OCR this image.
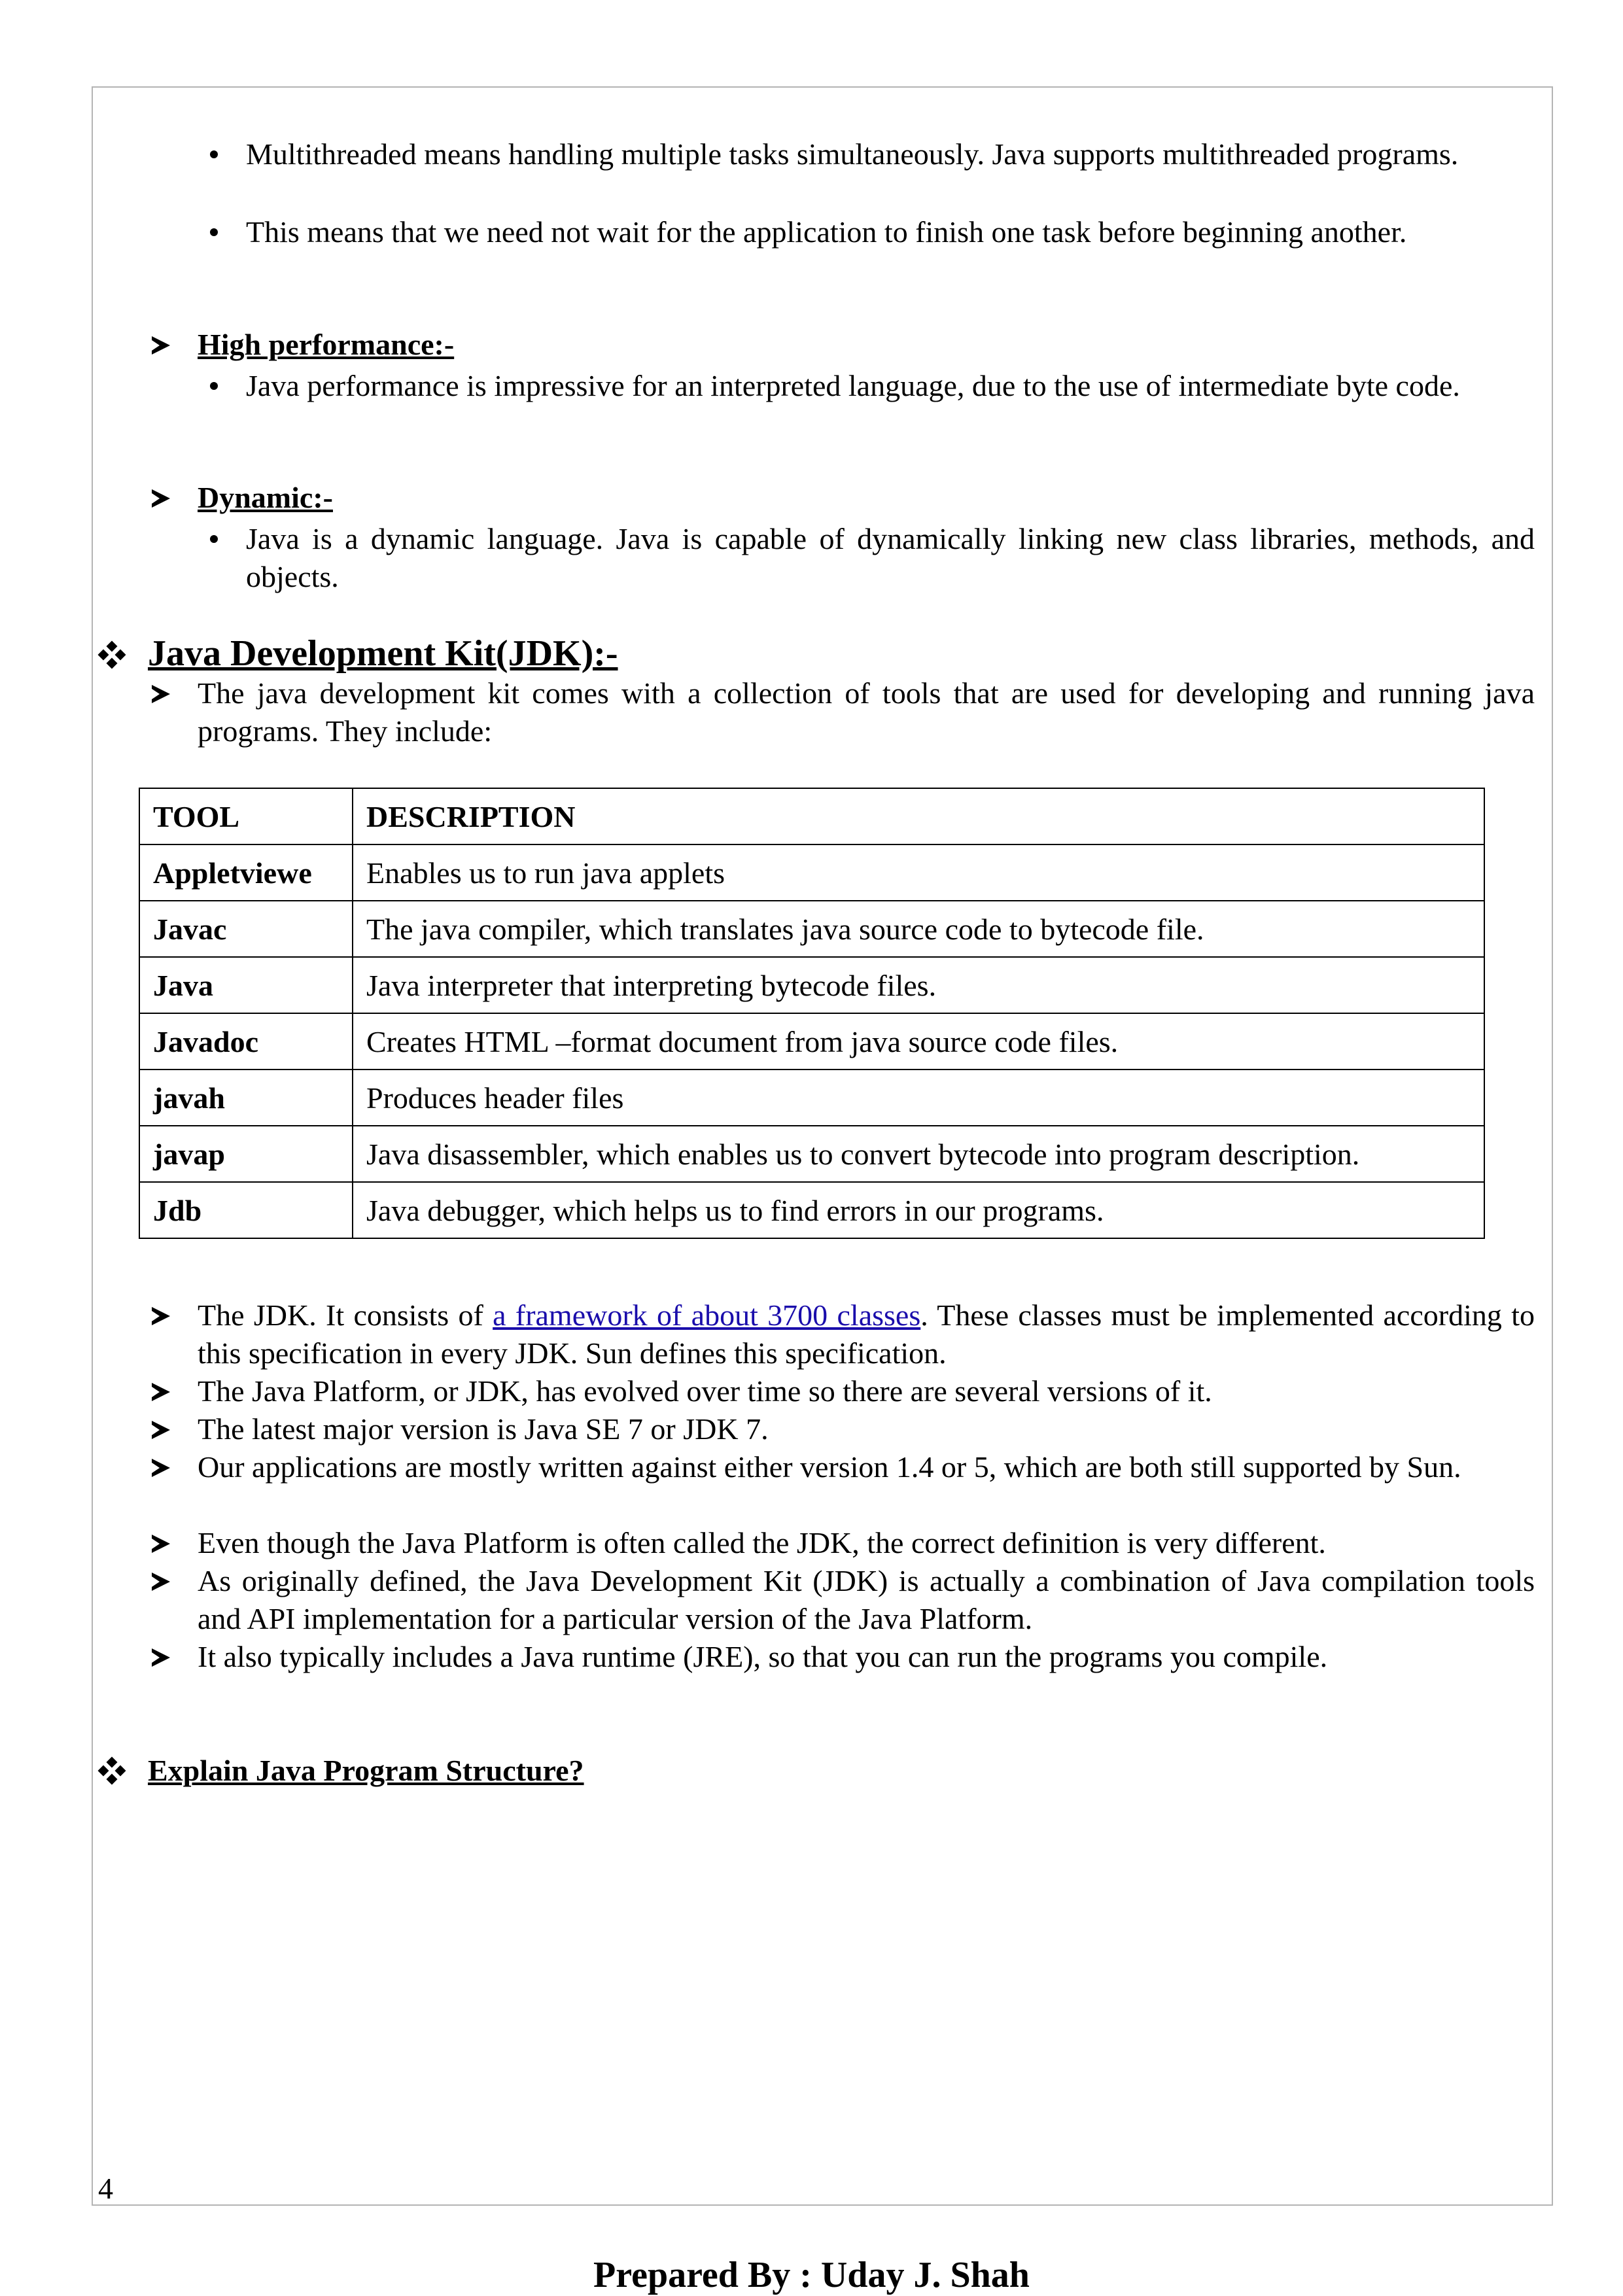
Multithreaded means handling multiple tasks simultaneously. Java supports multithreaded programs.
This means that we need not wait for the application to finish one task before beginning another.
High performance:-
Java performance is impressive for an interpreted language, due to the use of intermediate byte code.
Dynamic:-
Java is a dynamic language. Java is capable of dynamically linking new class libraries, methods, and objects.
Java Development Kit(JDK):-
The java development kit comes with a collection of tools that are used for developing and running java programs. They include:
TOOL	DESCRIPTION
Appletviewe	Enables us to run java applets
Javac	The java compiler, which translates java source code to bytecode file.
Java	Java interpreter that interpreting bytecode files.
Javadoc	Creates HTML –format document from java source code files.
javah	Produces header files
javap	Java disassembler, which enables us to convert bytecode into program description.
Jdb	Java debugger, which helps us to find errors in our programs.
The JDK. It consists of a framework of about 3700 classes. These classes must be implemented according to this specification in every JDK. Sun defines this specification.
The Java Platform, or JDK, has evolved over time so there are several versions of it.
The latest major version is Java SE 7 or JDK 7.
Our applications are mostly written against either version 1.4 or 5, which are both still supported by Sun.
Even though the Java Platform is often called the JDK, the correct definition is very different.
As originally defined, the Java Development Kit (JDK) is actually a combination of Java compilation tools and API implementation for a particular version of the Java Platform.
It also typically includes a Java runtime (JRE), so that you can run the programs you compile.
Explain Java Program Structure?
4
Prepared By : Uday J. Shah
